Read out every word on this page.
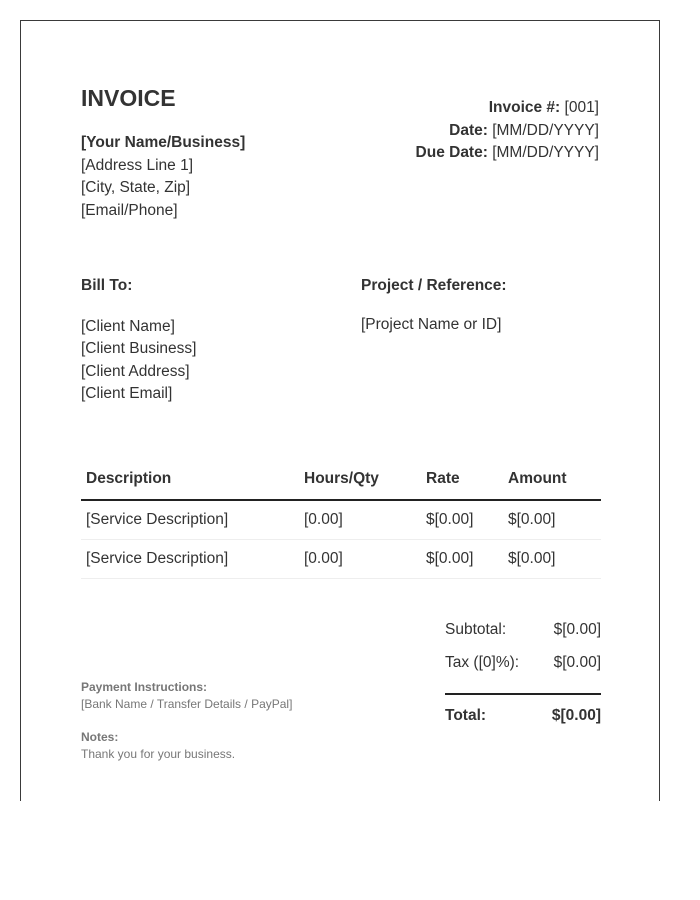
INVOICE
[Your Name/Business]
[Address Line 1]
[City, State, Zip]
[Email/Phone]
Invoice #: [001]
Date: [MM/DD/YYYY]
Due Date: [MM/DD/YYYY]
Bill To:	Project / Reference:
[Client Name]
[Client Business]
[Client Address]
[Client Email]
[Project Name or ID]
Description	Hours/Qty	Rate	Amount
[Service Description]	[0.00]	$[0.00]	$[0.00]
[Service Description]	[0.00]	$[0.00]	$[0.00]
Subtotal:	$[0.00]
Tax ([0]%): $[0.00]
Total:	$[0.00]
Payment Instructions:
[Bank Name / Transfer Details / PayPal]
Notes:
Thank you for your business.
